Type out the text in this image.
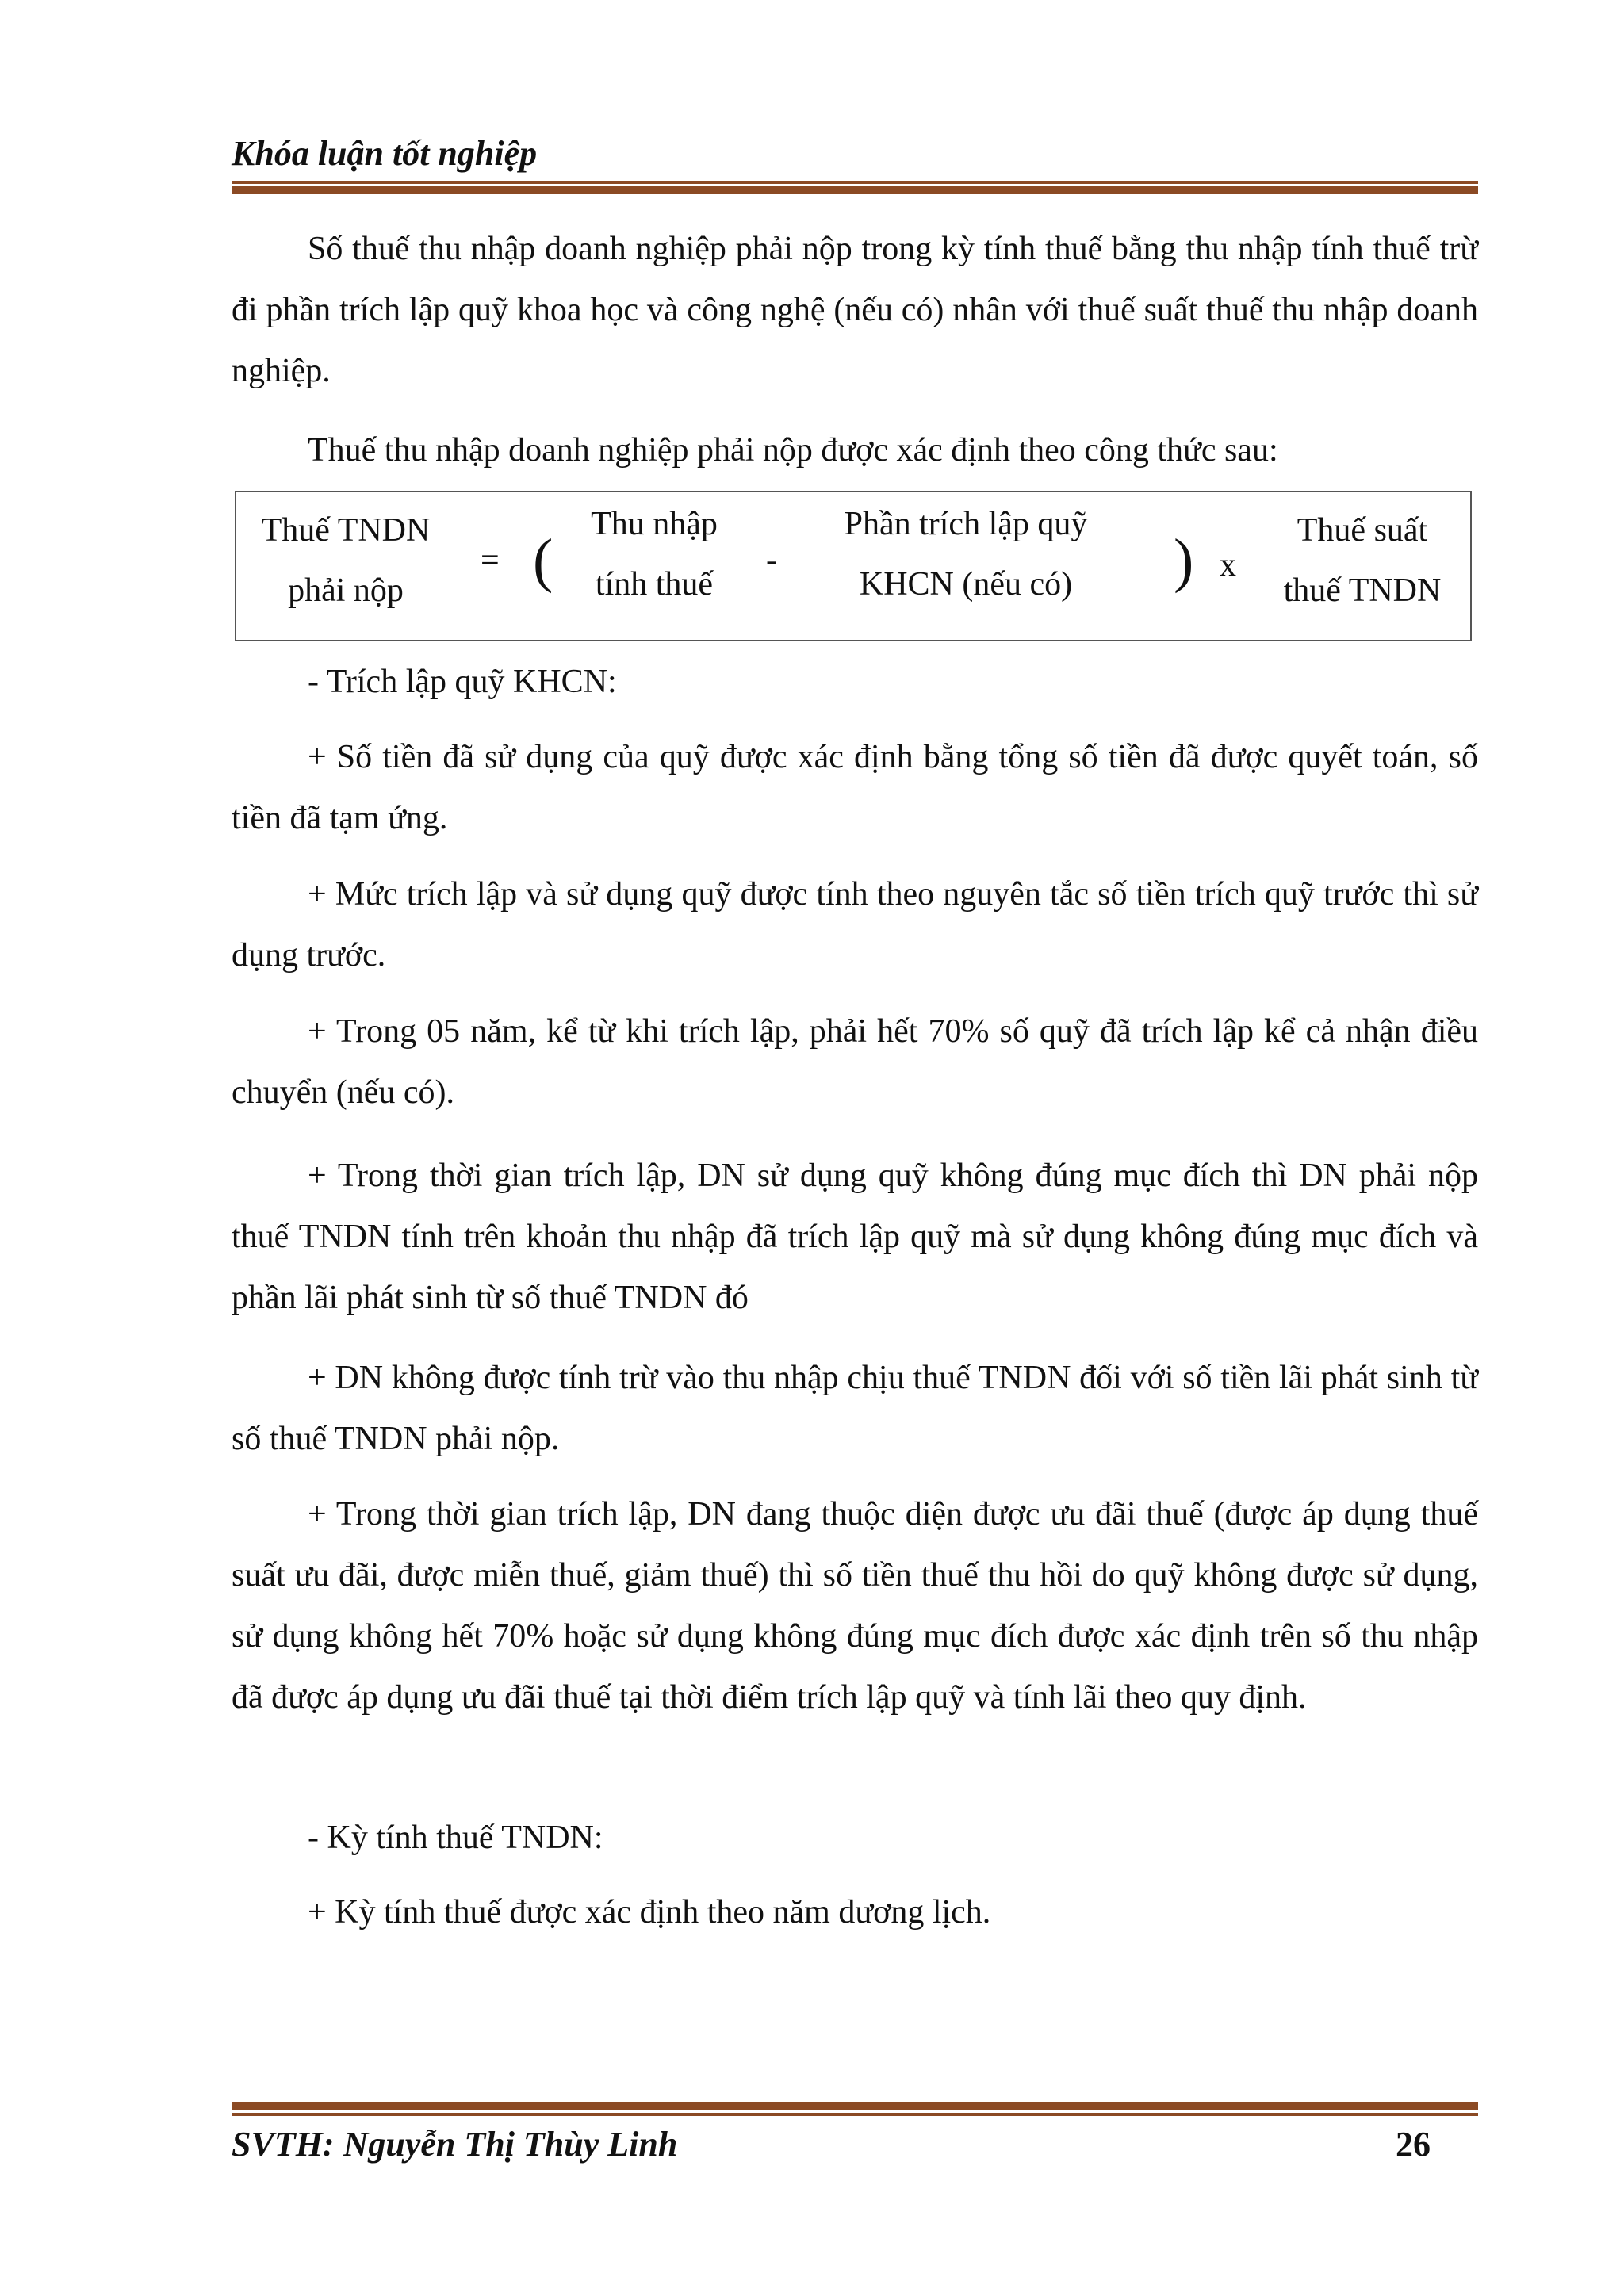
Khóa luận tốt nghiệp

Số thuế thu nhập doanh nghiệp phải nộp trong kỳ tính thuế bằng thu nhập tính thuế trừ đi phần trích lập quỹ khoa học và công nghệ (nếu có) nhân với thuế suất thuế thu nhập doanh nghiệp.

Thuế thu nhập doanh nghiệp phải nộp được xác định theo công thức sau:

Thuế TNDN
phải nộp
= (
Thu nhập
tính thuế
-
Phần trích lập quỹ
KHCN (nếu có)	) x
Thuế suất
thuế TNDN

- Trích lập quỹ KHCN:

+ Số tiền đã sử dụng của quỹ được xác định bằng tổng số tiền đã được quyết toán, số tiền đã tạm ứng.

+ Mức trích lập và sử dụng quỹ được tính theo nguyên tắc số tiền trích quỹ trước thì sử dụng trước.

+ Trong 05 năm, kể từ khi trích lập, phải hết 70% số quỹ đã trích lập kể cả nhận điều chuyển (nếu có).

+ Trong thời gian trích lập, DN sử dụng quỹ không đúng mục đích thì DN phải nộp thuế TNDN tính trên khoản thu nhập đã trích lập quỹ mà sử dụng không đúng mục đích và phần lãi phát sinh từ số thuế TNDN đó

+ DN không được tính trừ vào thu nhập chịu thuế TNDN đối với số tiền lãi phát sinh từ số thuế TNDN phải nộp.

+ Trong thời gian trích lập, DN đang thuộc diện được ưu đãi thuế (được áp dụng thuế suất ưu đãi, được miễn thuế, giảm thuế) thì số tiền thuế thu hồi do quỹ không được sử dụng, sử dụng không hết 70% hoặc sử dụng không đúng mục đích được xác định trên số thu nhập đã được áp dụng ưu đãi thuế tại thời điểm trích lập quỹ và tính lãi theo quy định.

- Kỳ tính thuế TNDN:

+ Kỳ tính thuế được xác định theo năm dương lịch.

SVTH: Nguyễn Thị Thùy Linh	26
